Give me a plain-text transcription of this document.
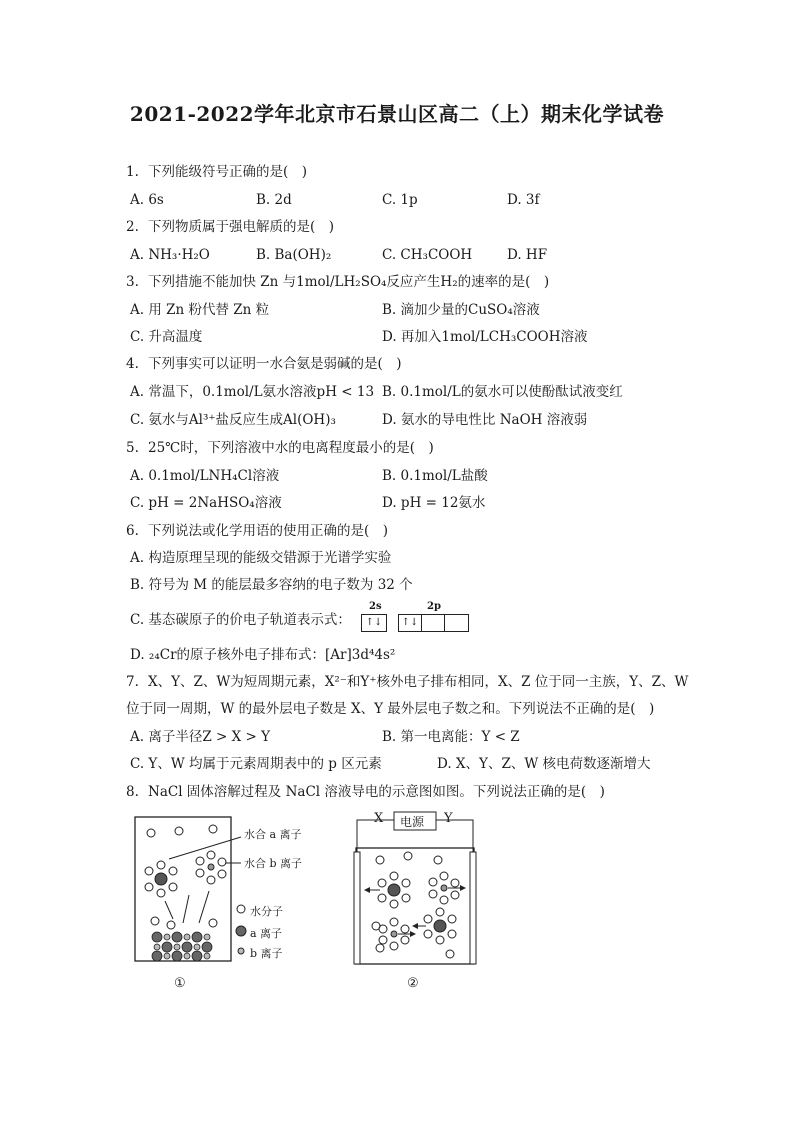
2021-2022学年北京市石景山区高二（上）期末化学试卷
1. 下列能级符号正确的是(　)
A. 6s	B. 2d	C. 1p	D. 3f
2. 下列物质属于强电解质的是(　)
A. NH₃·H₂O	B. Ba(OH)₂	C. CH₃COOH	D. HF
3. 下列措施不能加快 Zn 与1mol/LH₂SO₄反应产生H₂的速率的是(　)
A. 用 Zn 粉代替 Zn 粒	B. 滴加少量的CuSO₄溶液
C. 升高温度	D. 再加入1mol/LCH₃COOH溶液
4. 下列事实可以证明一水合氨是弱碱的是(　)
A. 常温下，0.1mol/L氨水溶液pH < 13 B. 0.1mol/L的氨水可以使酚酞试液变红
C. 氨水与Al³⁺盐反应生成Al(OH)₃	D. 氨水的导电性比 NaOH 溶液弱
5. 25℃时，下列溶液中水的电离程度最小的是(　)
A. 0.1mol/LNH₄Cl溶液	B. 0.1mol/L盐酸
C. pH = 2NaHSO₄溶液	D. pH = 12氨水
6. 下列说法或化学用语的使用正确的是(　)
A. 构造原理呈现的能级交错源于光谱学实验
B. 符号为 M 的能层最多容纳的电子数为 32 个
C. 基态碳原子的价电子轨道表示式：
2s	2p
↑↓	↑↓
D. ₂₄Cr的原子核外电子排布式：[Ar]3d⁴4s²
7. X、Y、Z、W为短周期元素，X²⁻和Y⁺核外电子排布相同，X、Z 位于同一主族，Y、Z、W
位于同一周期，W 的最外层电子数是 X、Y 最外层电子数之和。下列说法不正确的是(　)
A. 离子半径Z > X > Y	B. 第一电离能：Y < Z
C. Y、W 均属于元素周期表中的 p 区元素	D. X、Y、Z、W 核电荷数逐渐增大
8. NaCl 固体溶解过程及 NaCl 溶液导电的示意图如图。下列说法正确的是(　)
水合 a 离子
水合 b 离子
水分子
a 离子
b 离子
①
电源
X	Y
②
